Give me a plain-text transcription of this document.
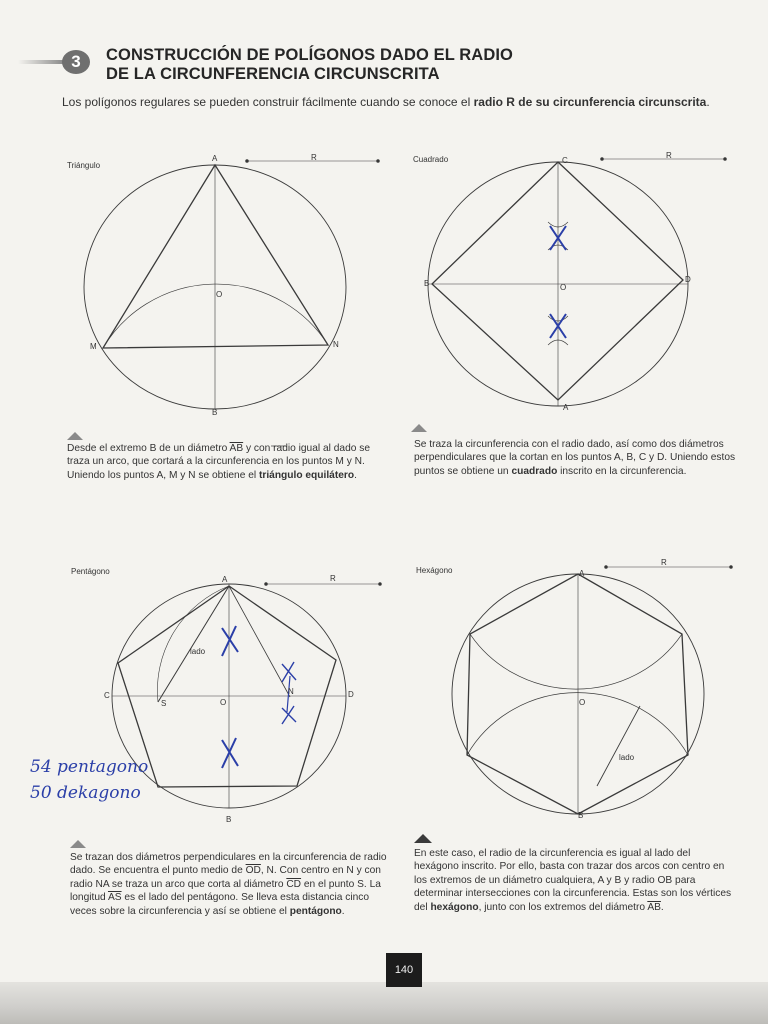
3	CONSTRUCCIÓN DE POLÍGONOS DADO EL RADIO
DE LA CIRCUNFERENCIA CIRCUNSCRITA
Los polígonos regulares se pueden construir fácilmente cuando se conoce el radio R de su circunferencia circunscrita.
Triángulo
R
A
M	N
O
B
Cuadrado	R
C
B	D
O
A
Pentágono
R
lado
A
C	D
O
S
N
B
Hexágono
R
lado
A
O
B
54 pentagono
50 dekagono
Desde el extremo B de un diámetro $\overline{AB}$ y con radio igual al dado se traza un arco, que cortará a la circunferencia en los puntos M y N. Uniendo los puntos A, M y N se obtiene el triángulo equilátero.
Se traza la circunferencia con el radio dado, así como dos diámetros perpendiculares que la cortan en los puntos A, B, C y D. Uniendo estos puntos se obtiene un cuadrado inscrito en la circunferencia.
Se trazan dos diámetros perpendiculares en la circunferencia de radio dado. Se encuentra el punto medio de $\overline{OD}$, N. Con centro en N y con radio NA se traza un arco que corta al diámetro $\overline{CD}$ en el punto S. La longitud $\overline{AS}$ es el lado del pentágono. Se lleva esta distancia cinco veces sobre la circunferencia y así se obtiene el pentágono.
En este caso, el radio de la circunferencia es igual al lado del hexágono inscrito. Por ello, basta con trazar dos arcos con centro en los extremos de un diámetro cualquiera, A y B y radio OB para determinar intersecciones con la circunferencia. Estas son los vértices del hexágono, junto con los extremos del diámetro $\overline{AB}$.
140
